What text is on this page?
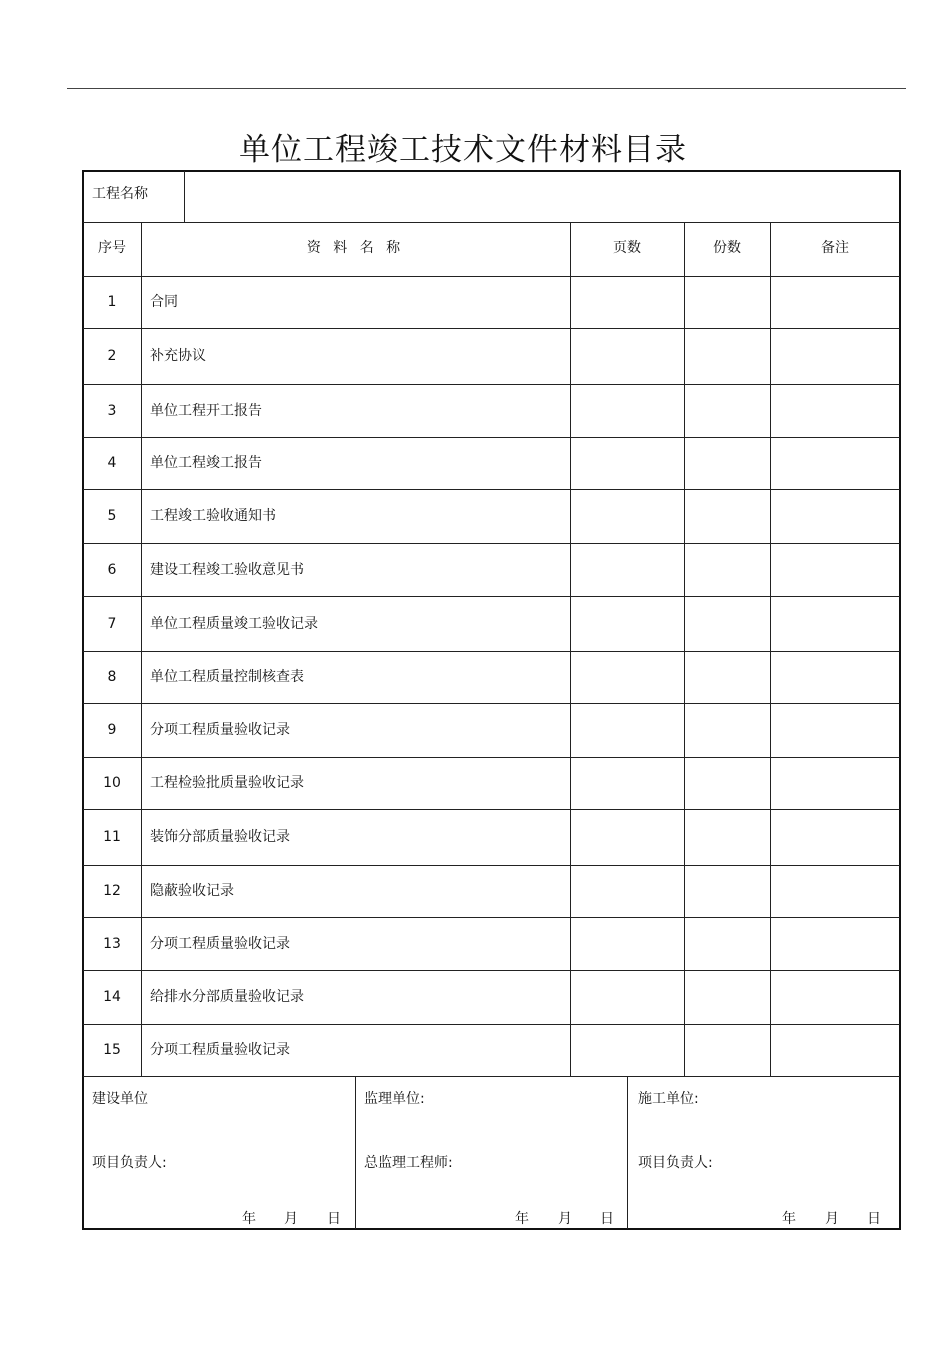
单位工程竣工技术文件材料目录
工程名称
序号	资 料 名 称	页数	份数	备注
1	合同
2	补充协议
3	单位工程开工报告
4	单位工程竣工报告
5	工程竣工验收通知书
6	建设工程竣工验收意见书
7	单位工程质量竣工验收记录
8	单位工程质量控制核查表
9	分项工程质量验收记录
10	工程检验批质量验收记录
11	装饰分部质量验收记录
12	隐蔽验收记录
13	分项工程质量验收记录
14	给排水分部质量验收记录
15	分项工程质量验收记录
建设单位
项目负责人:
年 月 日
监理单位:
总监理工程师:
年 月 日
施工单位:
项目负责人:
年 月 日
